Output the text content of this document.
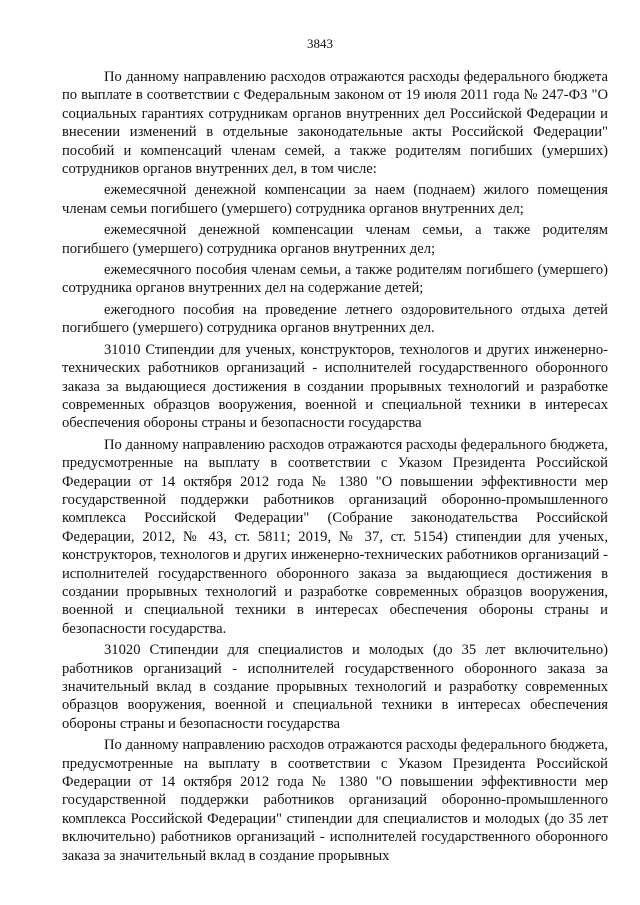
3843

По данному направлению расходов отражаются расходы федерального бюджета по выплате в соответствии с Федеральным законом от 19 июля 2011 года № 247-ФЗ "О социальных гарантиях сотрудникам органов внутренних дел Российской Федерации и внесении изменений в отдельные законодательные акты Российской Федерации" пособий и компенсаций членам семей, а также родителям погибших (умерших) сотрудников органов внутренних дел, в том числе:

ежемесячной денежной компенсации за наем (поднаем) жилого помещения членам семьи погибшего (умершего) сотрудника органов внутренних дел;

ежемесячной денежной компенсации членам семьи, а также родителям погибшего (умершего) сотрудника органов внутренних дел;

ежемесячного пособия членам семьи, а также родителям погибшего (умершего) сотрудника органов внутренних дел на содержание детей;

ежегодного пособия на проведение летнего оздоровительного отдыха детей погибшего (умершего) сотрудника органов внутренних дел.

31010 Стипендии для ученых, конструкторов, технологов и других инженерно-технических работников организаций - исполнителей государственного оборонного заказа за выдающиеся достижения в создании прорывных технологий и разработке современных образцов вооружения, военной и специальной техники в интересах обеспечения обороны страны и безопасности государства

По данному направлению расходов отражаются расходы федерального бюджета, предусмотренные на выплату в соответствии с Указом Президента Российской Федерации от 14 октября 2012 года № 1380 "О повышении эффективности мер государственной поддержки работников организаций оборонно-промышленного комплекса Российской Федерации" (Собрание законодательства Российской Федерации, 2012, № 43, ст. 5811; 2019, № 37, ст. 5154) стипендии для ученых, конструкторов, технологов и других инженерно-технических работников организаций - исполнителей государственного оборонного заказа за выдающиеся достижения в создании прорывных технологий и разработке современных образцов вооружения, военной и специальной техники в интересах обеспечения обороны страны и безопасности государства.

31020 Стипендии для специалистов и молодых (до 35 лет включительно) работников организаций - исполнителей государственного оборонного заказа за значительный вклад в создание прорывных технологий и разработку современных образцов вооружения, военной и специальной техники в интересах обеспечения обороны страны и безопасности государства

По данному направлению расходов отражаются расходы федерального бюджета, предусмотренные на выплату в соответствии с Указом Президента Российской Федерации от 14 октября 2012 года № 1380 "О повышении эффективности мер государственной поддержки работников организаций оборонно-промышленного комплекса Российской Федерации" стипендии для специалистов и молодых (до 35 лет включительно) работников организаций - исполнителей государственного оборонного заказа за значительный вклад в создание прорывных
